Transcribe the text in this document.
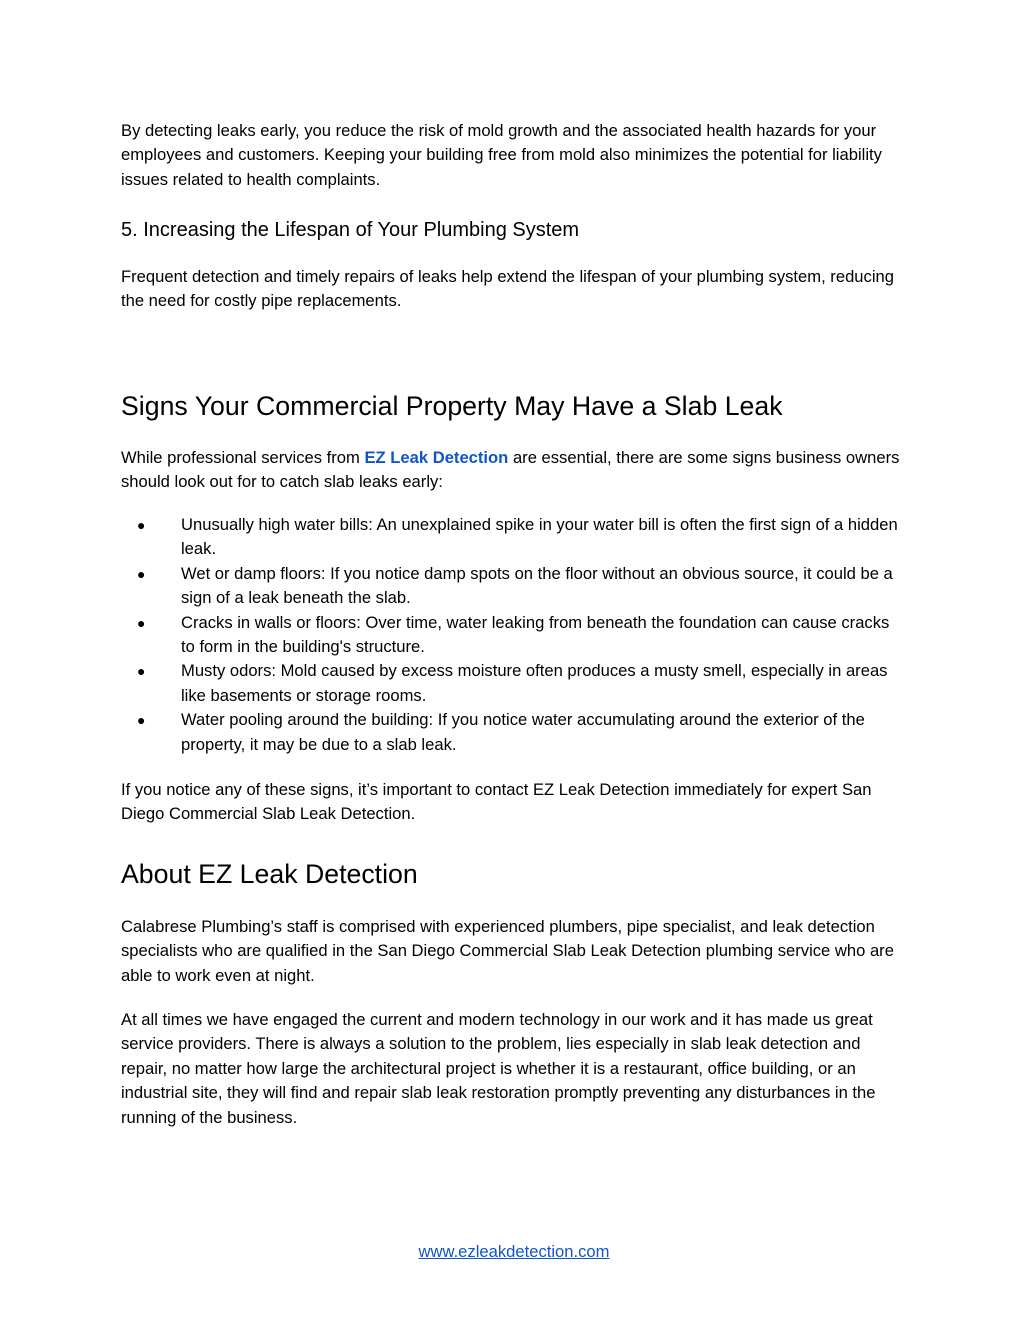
By detecting leaks early, you reduce the risk of mold growth and the associated health hazards for your employees and customers. Keeping your building free from mold also minimizes the potential for liability issues related to health complaints.

5. Increasing the Lifespan of Your Plumbing System

Frequent detection and timely repairs of leaks help extend the lifespan of your plumbing system, reducing the need for costly pipe replacements.

Signs Your Commercial Property May Have a Slab Leak

While professional services from EZ Leak Detection are essential, there are some signs business owners should look out for to catch slab leaks early:

● Unusually high water bills: An unexplained spike in your water bill is often the first sign of a hidden leak.
● Wet or damp floors: If you notice damp spots on the floor without an obvious source, it could be a sign of a leak beneath the slab.
● Cracks in walls or floors: Over time, water leaking from beneath the foundation can cause cracks to form in the building's structure.
● Musty odors: Mold caused by excess moisture often produces a musty smell, especially in areas like basements or storage rooms.
● Water pooling around the building: If you notice water accumulating around the exterior of the property, it may be due to a slab leak.

If you notice any of these signs, it’s important to contact EZ Leak Detection immediately for expert San Diego Commercial Slab Leak Detection.

About EZ Leak Detection

Calabrese Plumbing’s staff is comprised with experienced plumbers, pipe specialist, and leak detection specialists who are qualified in the San Diego Commercial Slab Leak Detection plumbing service who are able to work even at night.

At all times we have engaged the current and modern technology in our work and it has made us great service providers. There is always a solution to the problem, lies especially in slab leak detection and repair, no matter how large the architectural project is whether it is a restaurant, office building, or an industrial site, they will find and repair slab leak restoration promptly preventing any disturbances in the running of the business.

www.ezleakdetection.com
